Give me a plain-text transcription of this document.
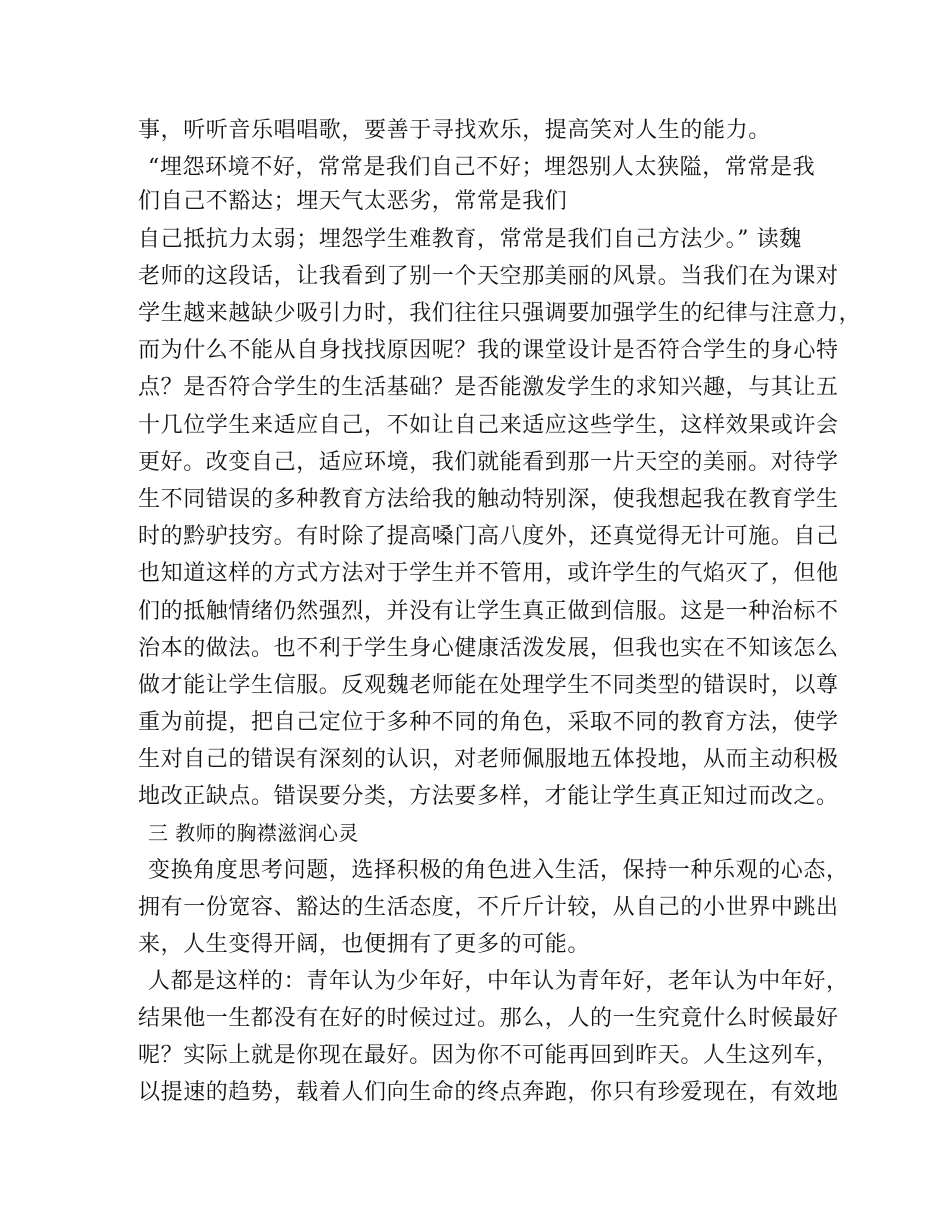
事，听听音乐唱唱歌，要善于寻找欢乐，提高笑对人生的能力。
“埋怨环境不好，常常是我们自己不好；埋怨别人太狭隘，常常是我
们自己不豁达；埋天气太恶劣，常常是我们
自己抵抗力太弱；埋怨学生难教育，常常是我们自己方法少。” 读魏
老师的这段话，让我看到了别一个天空那美丽的风景。当我们在为课对
学生越来越缺少吸引力时，我们往往只强调要加强学生的纪律与注意力，
而为什么不能从自身找找原因呢？我的课堂设计是否符合学生的身心特
点？是否符合学生的生活基础？是否能激发学生的求知兴趣，与其让五
十几位学生来适应自己，不如让自己来适应这些学生，这样效果或许会
更好。改变自己，适应环境，我们就能看到那一片天空的美丽。对待学
生不同错误的多种教育方法给我的触动特别深，使我想起我在教育学生
时的黔驴技穷。有时除了提高嗓门高八度外，还真觉得无计可施。自己
也知道这样的方式方法对于学生并不管用，或许学生的气焰灭了，但他
们的抵触情绪仍然强烈，并没有让学生真正做到信服。这是一种治标不
治本的做法。也不利于学生身心健康活泼发展，但我也实在不知该怎么
做才能让学生信服。反观魏老师能在处理学生不同类型的错误时，以尊
重为前提，把自己定位于多种不同的角色，采取不同的教育方法，使学
生对自己的错误有深刻的认识，对老师佩服地五体投地，从而主动积极
地改正缺点。错误要分类，方法要多样，才能让学生真正知过而改之。
三 教师的胸襟滋润心灵
变换角度思考问题，选择积极的角色进入生活，保持一种乐观的心态，
拥有一份宽容、豁达的生活态度，不斤斤计较，从自己的小世界中跳出
来，人生变得开阔，也便拥有了更多的可能。
人都是这样的：青年认为少年好，中年认为青年好，老年认为中年好，
结果他一生都没有在好的时候过过。那么，人的一生究竟什么时候最好
呢？实际上就是你现在最好。因为你不可能再回到昨天。人生这列车，
以提速的趋势，载着人们向生命的终点奔跑，你只有珍爱现在，有效地
